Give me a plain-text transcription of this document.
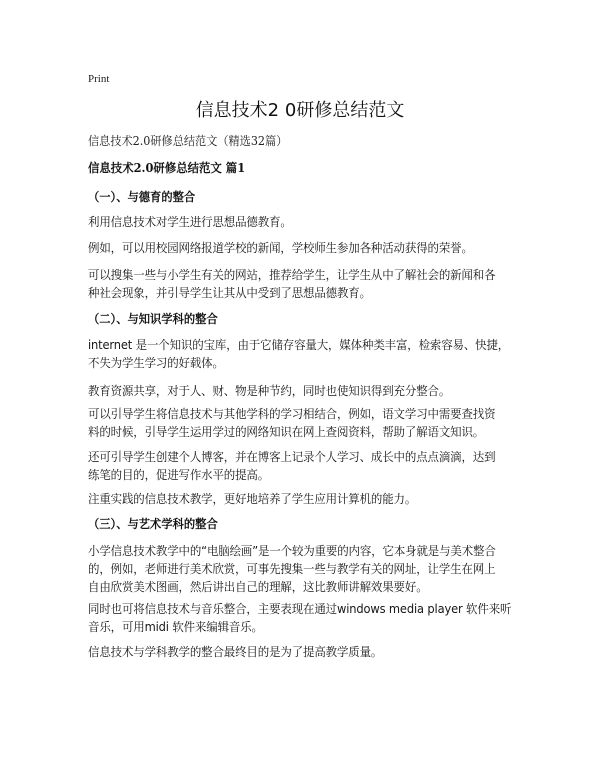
Print
信息技术2 0研修总结范文
信息技术2.0研修总结范文（精选32篇）
信息技术2.0研修总结范文 篇1
（一）、与德育的整合
利用信息技术对学生进行思想品德教育。
例如，可以用校园网络报道学校的新闻，学校师生参加各种活动获得的荣誉。
可以搜集一些与小学生有关的网站，推荐给学生，让学生从中了解社会的新闻和各
种社会现象，并引导学生让其从中受到了思想品德教育。
（二）、与知识学科的整合
internet 是一个知识的宝库，由于它储存容量大，媒体种类丰富，检索容易、快捷，
不失为学生学习的好载体。
教育资源共享，对于人、财、物是种节约，同时也使知识得到充分整合。
可以引导学生将信息技术与其他学科的学习相结合，例如，语文学习中需要查找资
料的时候，引导学生运用学过的网络知识在网上查阅资料，帮助了解语文知识。
还可引导学生创建个人博客，并在博客上记录个人学习、成长中的点点滴滴，达到
练笔的目的，促进写作水平的提高。
注重实践的信息技术教学，更好地培养了学生应用计算机的能力。
（三）、与艺术学科的整合
小学信息技术教学中的“电脑绘画”是一个较为重要的内容，它本身就是与美术整合
的，例如，老师进行美术欣赏，可事先搜集一些与教学有关的网址，让学生在网上
自由欣赏美术图画，然后讲出自己的理解，这比教师讲解效果要好。
同时也可将信息技术与音乐整合，主要表现在通过windows media player 软件来听
音乐，可用midi 软件来编辑音乐。
信息技术与学科教学的整合最终目的是为了提高教学质量。
